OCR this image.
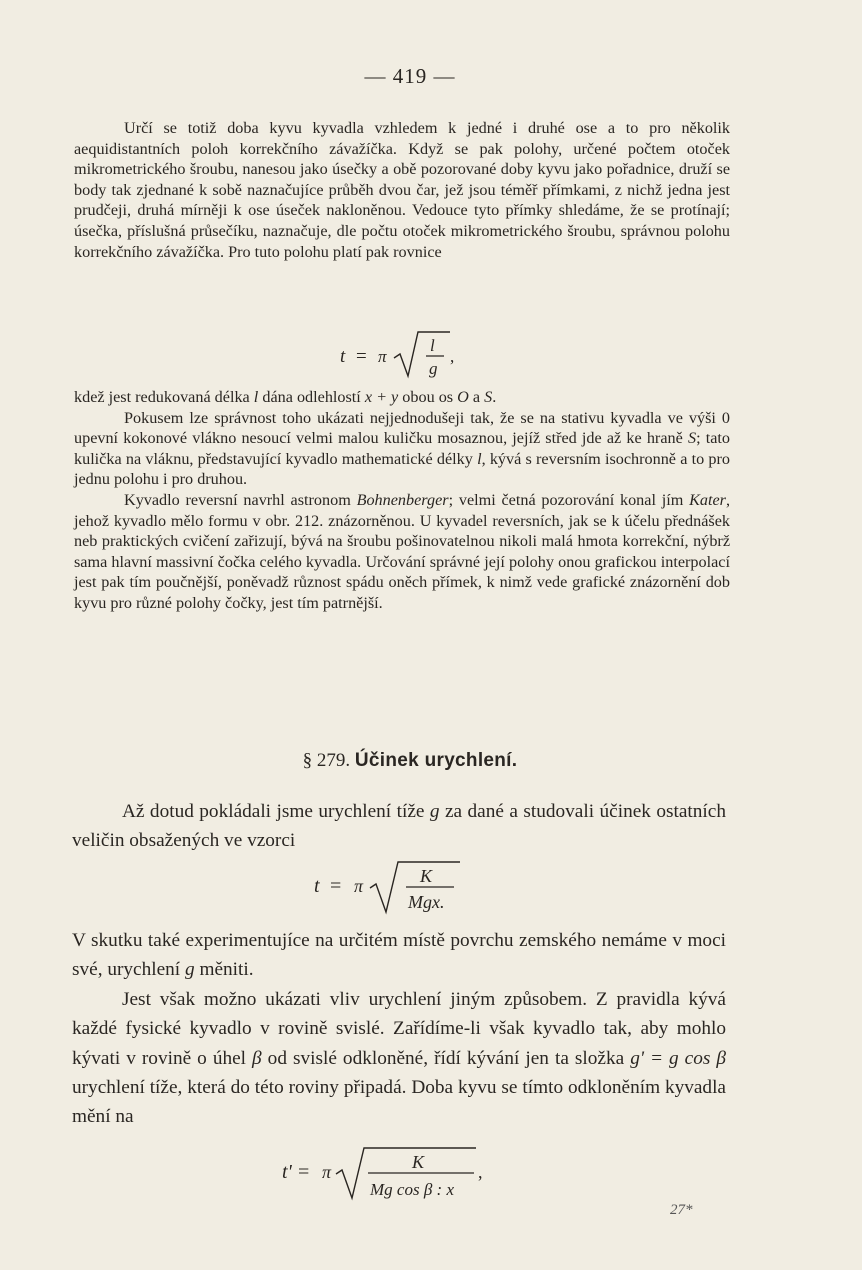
— 419 —

Určí se totiž doba kyvu kyvadla vzhledem k jedné i druhé ose a to pro několik aequidistantních poloh korrekčního závažíčka. Když se pak polohy, určené počtem otoček mikrometrického šroubu, nanesou jako úsečky a obě pozorované doby kyvu jako pořadnice, druží se body tak zjednané k sobě naznačujíce průběh dvou čar, jež jsou téměř přímkami, z nichž jedna jest prudčeji, druhá mírněji k ose úseček nakloněnou. Vedouce tyto přímky shledáme, že se protínají; úsečka, příslušná průsečíku, naznačuje, dle počtu otoček mikrometrického šroubu, správnou polohu korrekčního závažíčka. Pro tuto polohu platí pak rovnice

t = π
l
g
,

kdež jest redukovaná délka l dána odlehlostí x + y obou os O a S.

Pokusem lze správnost toho ukázati nejjednodušeji tak, že se na stativu kyvadla ve výši 0 upevní kokonové vlákno nesoucí velmi malou kuličku mosaznou, jejíž střed jde až ke hraně S; tato kulička na vláknu, představující kyvadlo mathematické délky l, kývá s reversním isochronně a to pro jednu polohu i pro druhou.

Kyvadlo reversní navrhl astronom Bohnenberger; velmi četná pozorování konal jím Kater, jehož kyvadlo mělo formu v obr. 212. znázorněnou. U kyvadel reversních, jak se k účelu přednášek neb praktických cvičení zařizují, bývá na šroubu pošinovatelnou nikoli malá hmota korrekční, nýbrž sama hlavní massivní čočka celého kyvadla. Určování správné její polohy onou grafickou interpolací jest pak tím poučnější, poněvadž různost spádu oněch přímek, k nimž vede grafické znázornění dob kyvu pro různé polohy čočky, jest tím patrnější.

§ 279. Účinek urychlení.

Až dotud pokládali jsme urychlení tíže g za dané a studovali účinek ostatních veličin obsažených ve vzorci

t = π	K
Mgx.

V skutku také experimentujíce na určitém místě povrchu zemského nemáme v moci své, urychlení g měniti.

Jest však možno ukázati vliv urychlení jiným způsobem. Z pravidla kývá každé fysické kyvadlo v rovině svislé. Zařídíme-li však kyvadlo tak, aby mohlo kývati v rovině o úhel β od svislé odkloněné, řídí kývání jen ta složka g' = g cos β urychlení tíže, která do této roviny připadá. Doba kyvu se tímto odkloněním kyvadla mění na

t' = π	K
Mg cos β : x
,
27*
